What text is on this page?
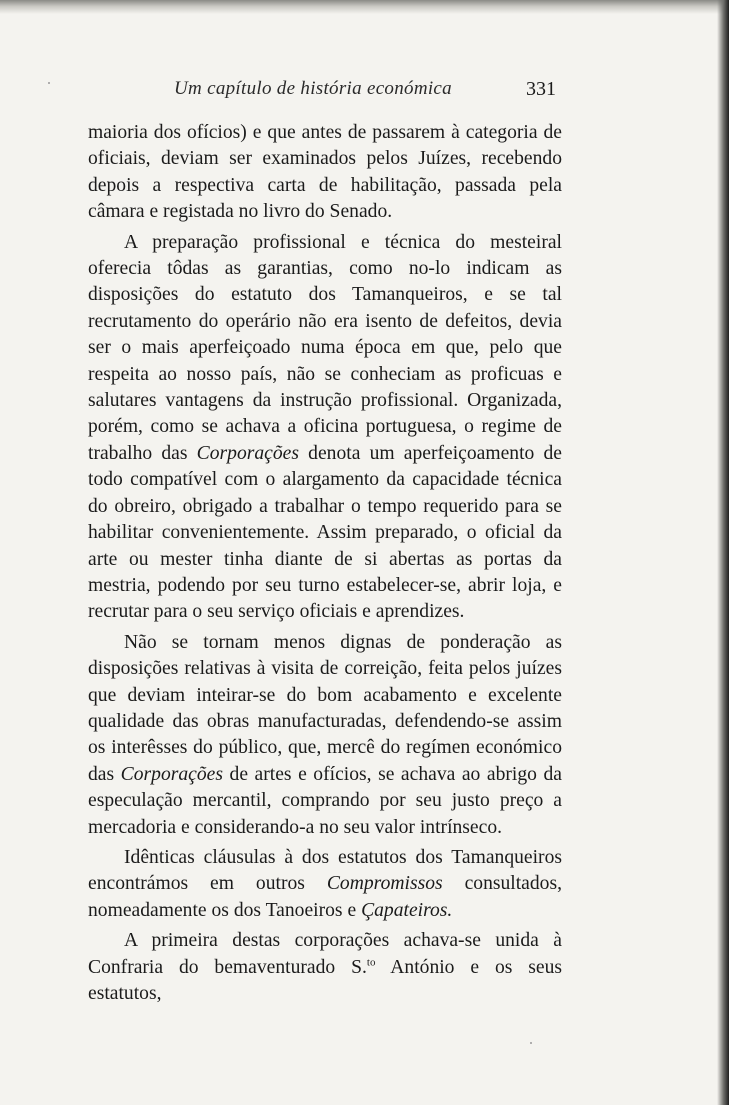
Um capítulo de história económica	331

maioria dos ofícios) e que antes de passarem à categoria de oficiais, deviam ser examinados pelos Juízes, recebendo depois a respectiva carta de habilitação, passada pela câmara e registada no livro do Senado.

A preparação profissional e técnica do mesteiral oferecia tôdas as garantias, como no-lo indicam as disposições do estatuto dos Tamanqueiros, e se tal recrutamento do operário não era isento de defeitos, devia ser o mais aperfeiçoado numa época em que, pelo que respeita ao nosso país, não se conheciam as proficuas e salutares vantagens da instrução profissional. Organizada, porém, como se achava a oficina portuguesa, o regime de trabalho das Corporações denota um aperfeiçoamento de todo compatível com o alargamento da capacidade técnica do obreiro, obrigado a trabalhar o tempo requerido para se habilitar convenientemente. Assim preparado, o oficial da arte ou mester tinha diante de si abertas as portas da mestria, podendo por seu turno estabelecer-se, abrir loja, e recrutar para o seu serviço oficiais e aprendizes.

Não se tornam menos dignas de ponderação as disposições relativas à visita de correição, feita pelos juízes que deviam inteirar-se do bom acabamento e excelente qualidade das obras manufacturadas, defendendo-se assim os interêsses do público, que, mercê do regímen económico das Corporações de artes e ofícios, se achava ao abrigo da especulação mercantil, comprando por seu justo preço a mercadoria e considerando-a no seu valor intrínseco.

Idênticas cláusulas à dos estatutos dos Tamanqueiros encontrámos em outros Compromissos consultados, nomeadamente os dos Tanoeiros e Çapateiros.

A primeira destas corporações achava-se unida à Confraria do bemaventurado S.$^{to}$ António e os seus estatutos,
